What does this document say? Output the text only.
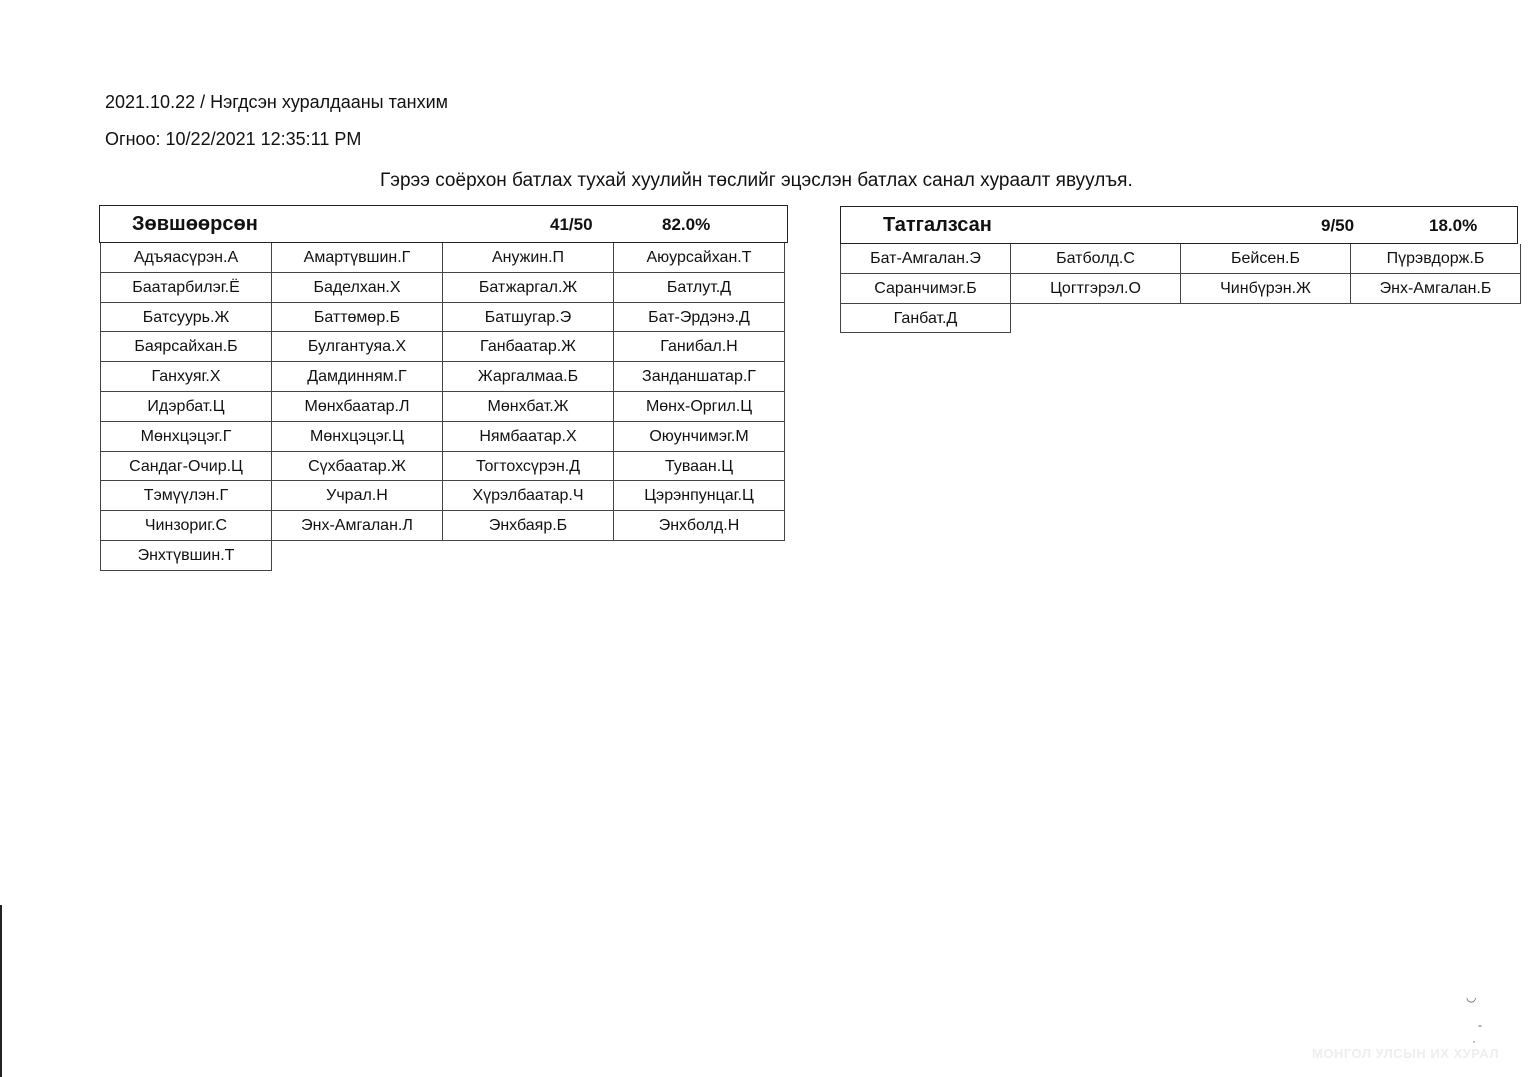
2021.10.22 / Нэгдсэн хуралдааны танхим
Огноо: 10/22/2021 12:35:11 PM
Гэрээ соёрхон батлах тухай хуулийн төслийг эцэслэн батлах санал хураалт явуулъя.
Зөвшөөрсөн	41/50	82.0%
Адъяасүрэн.А	Амартүвшин.Г	Анужин.П	Аюурсайхан.Т
Баатарбилэг.Ё	Баделхан.Х	Батжаргал.Ж	Батлут.Д
Батсуурь.Ж	Баттөмөр.Б	Батшугар.Э	Бат-Эрдэнэ.Д
Баярсайхан.Б	Булгантуяа.Х	Ганбаатар.Ж	Ганибал.Н
Ганхуяг.Х	Дамдинням.Г	Жаргалмаа.Б	Занданшатар.Г
Идэрбат.Ц	Мөнхбаатар.Л	Мөнхбат.Ж	Мөнх-Оргил.Ц
Мөнхцэцэг.Г	Мөнхцэцэг.Ц	Нямбаатар.Х	Оюунчимэг.М
Сандаг-Очир.Ц	Сүхбаатар.Ж	Тогтохсүрэн.Д	Туваан.Ц
Тэмүүлэн.Г	Учрал.Н	Хүрэлбаатар.Ч	Цэрэнпунцаг.Ц
Чинзориг.С	Энх-Амгалан.Л	Энхбаяр.Б	Энхболд.Н
Энхтүвшин.Т
Татгалзсан	9/50	18.0%
Бат-Амгалан.Э	Батболд.С	Бейсен.Б	Пүрэвдорж.Б
Саранчимэг.Б	Цогтгэрэл.О	Чинбүрэн.Ж	Энх-Амгалан.Б
Ганбат.Д
◡
-
·
МОНГОЛ УЛСЫН ИХ ХУРАЛ
